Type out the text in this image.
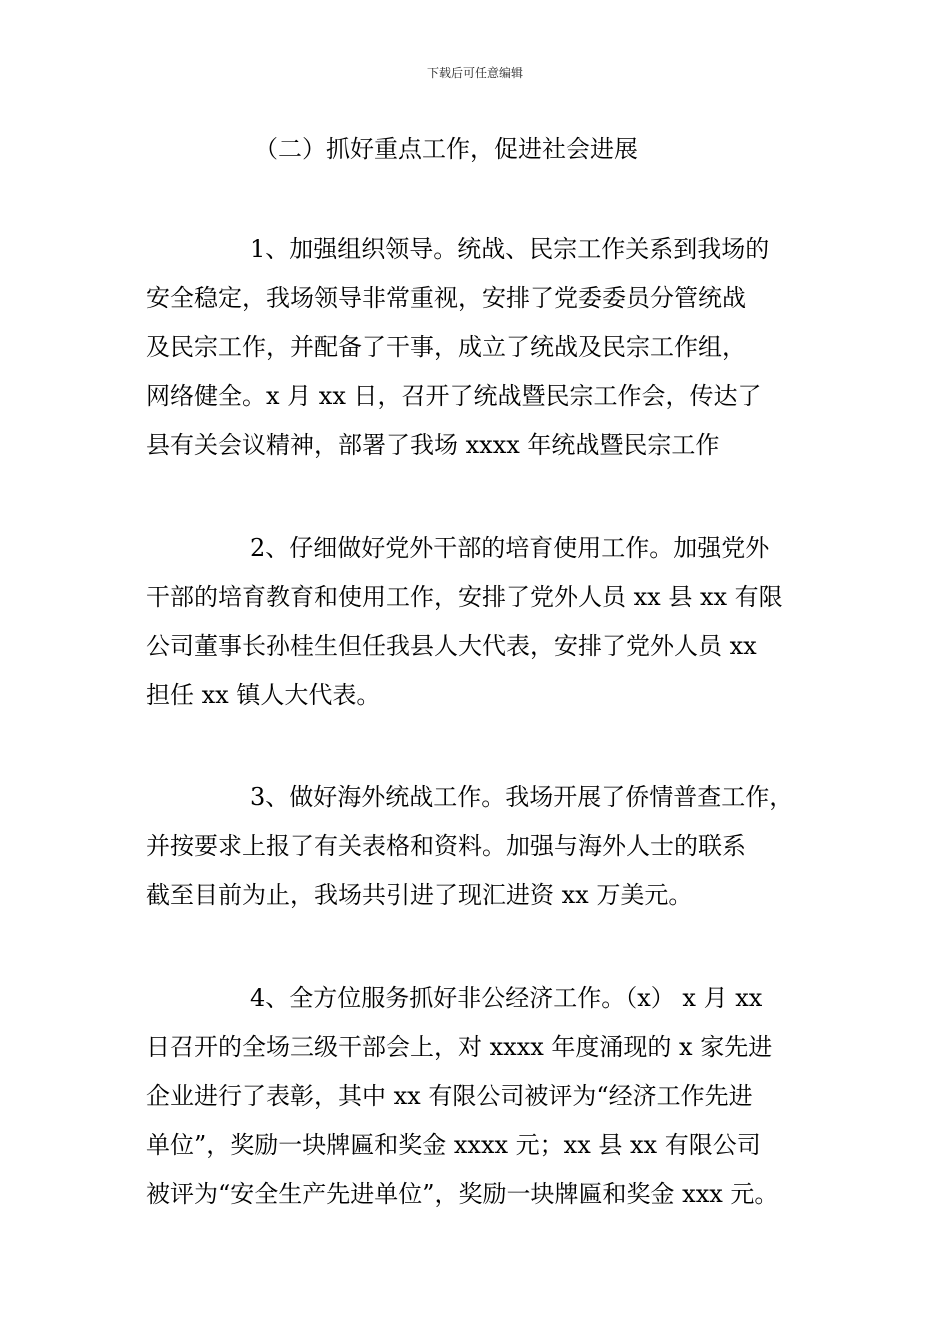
下载后可任意编辑
（二）抓好重点工作，促进社会进展
1、加强组织领导。统战、民宗工作关系到我场的
安全稳定，我场领导非常重视，安排了党委委员分管统战
及民宗工作，并配备了干事，成立了统战及民宗工作组，
网络健全。x 月 xx 日，召开了统战暨民宗工作会，传达了
县有关会议精神，部署了我场 xxxx 年统战暨民宗工作
2、仔细做好党外干部的培育使用工作。加强党外
干部的培育教育和使用工作，安排了党外人员 xx 县 xx 有限
公司董事长孙桂生但任我县人大代表，安排了党外人员 xx
担任 xx 镇人大代表。
3、做好海外统战工作。我场开展了侨情普查工作，
并按要求上报了有关表格和资料。加强与海外人士的联系
截至目前为止，我场共引进了现汇进资 xx 万美元。
4、全方位服务抓好非公经济工作。（x） x 月 xx
日召开的全场三级干部会上，对 xxxx 年度涌现的 x 家先进
企业进行了表彰，其中 xx 有限公司被评为“经济工作先进
单位”，奖励一块牌匾和奖金 xxxx 元；xx 县 xx 有限公司
被评为“安全生产先进单位”，奖励一块牌匾和奖金 xxx 元。
